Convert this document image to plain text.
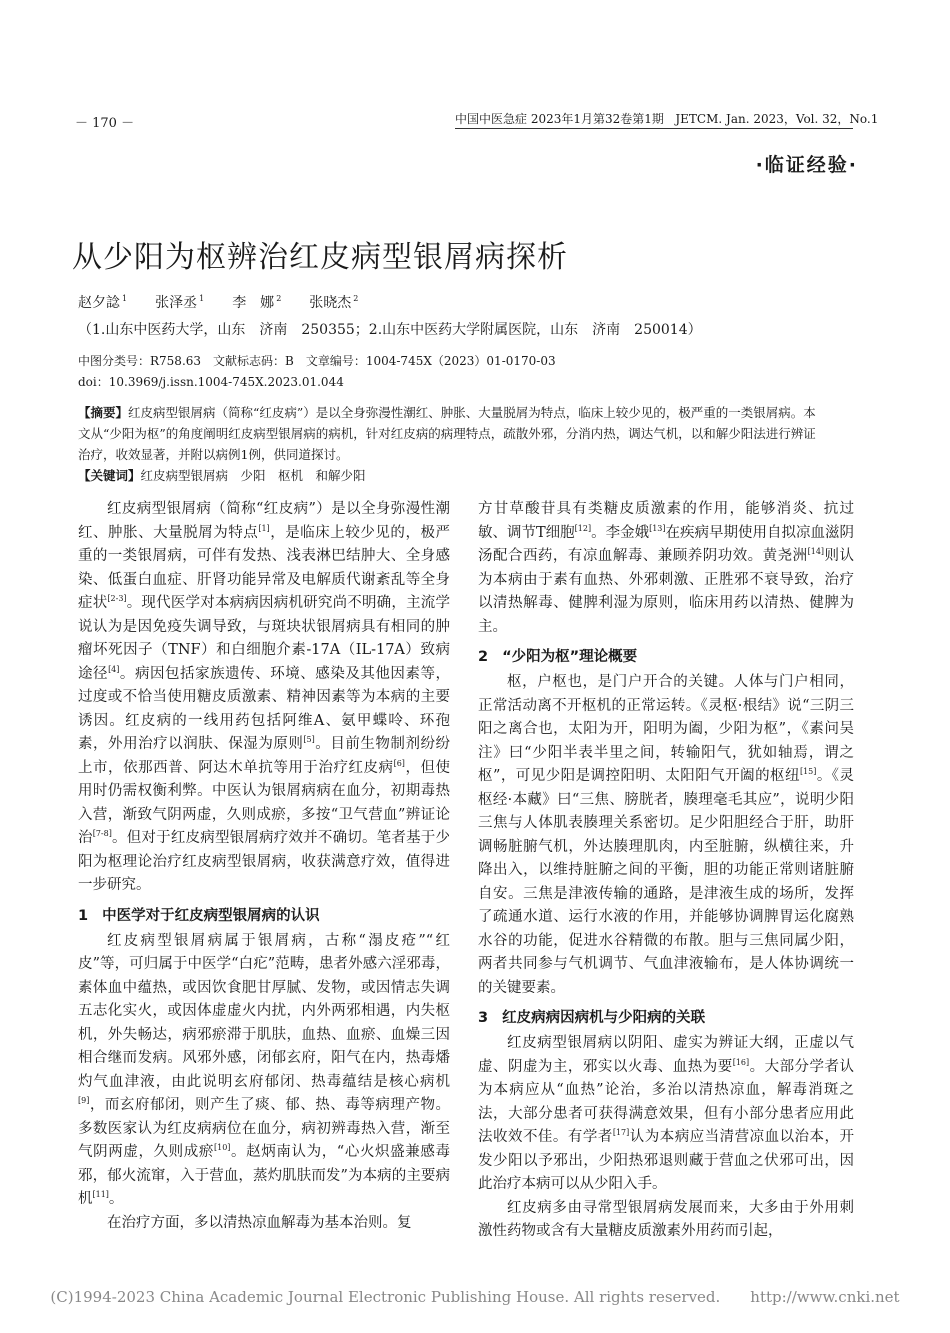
－ 170 －	中国中医急症 2023年1月第32卷第1期 JETCM. Jan. 2023，Vol. 32，No.1
·临证经验·
从少阳为枢辨治红皮病型银屑病探析
赵夕諗 $^1$ 张泽丞 $^1$ 李　娜 $^2$ 张晓杰 $^2$
（1.山东中医药大学，山东　济南　250355；2.山东中医药大学附属医院，山东　济南　250014）
中图分类号：R758.63　文献标志码：B　文章编号：1004-745X（2023）01-0170-03
doi：10.3969/j.issn.1004-745X.2023.01.044
【摘要】红皮病型银屑病（简称“红皮病”）是以全身弥漫性潮红、肿胀、大量脱屑为特点，临床上较少见的，极严重的一类银屑病。本文从“少阳为枢”的角度阐明红皮病型银屑病的病机，针对红皮病的病理特点，疏散外邪，分消内热，调达气机，以和解少阳法进行辨证治疗，收效显著，并附以病例1例，供同道探讨。
【关键词】红皮病型银屑病　少阳　枢机　和解少阳

红皮病型银屑病（简称“红皮病”）是以全身弥漫性潮红、肿胀、大量脱屑为特点[1]，是临床上较少见的，极严重的一类银屑病，可伴有发热、浅表淋巴结肿大、全身感染、低蛋白血症、肝肾功能异常及电解质代谢紊乱等全身症状[2-3]。现代医学对本病病因病机研究尚不明确，主流学说认为是因免疫失调导致，与斑块状银屑病具有相同的肿瘤坏死因子（TNF）和白细胞介素-17A（IL-17A）致病途径[4]。病因包括家族遗传、环境、感染及其他因素等，过度或不恰当使用糖皮质激素、精神因素等为本病的主要诱因。红皮病的一线用药包括阿维A、氨甲蝶呤、环孢素，外用治疗以润肤、保湿为原则[5]。目前生物制剂纷纷上市，依那西普、阿达木单抗等用于治疗红皮病[6]，但使用时仍需权衡利弊。中医认为银屑病病在血分，初期毒热入营，渐致气阴两虚，久则成瘀，多按“卫气营血”辨证论治[7-8]。但对于红皮病型银屑病疗效并不确切。笔者基于少阳为枢理论治疗红皮病型银屑病，收获满意疗效，值得进一步研究。

1 中医学对于红皮病型银屑病的认识

红皮病型银屑病属于银屑病，古称“溻皮疮”“红皮”等，可归属于中医学“白疕”范畴，患者外感六淫邪毒，素体血中蕴热，或因饮食肥甘厚腻、发物，或因情志失调五志化实火，或因体虚虚火内扰，内外两邪相遇，内失枢机，外失畅达，病邪瘀滞于肌肤，血热、血瘀、血燥三因相合继而发病。风邪外感，闭郁玄府，阳气在内，热毒燔灼气血津液，由此说明玄府郁闭、热毒蕴结是核心病机[9]，而玄府郁闭，则产生了痰、郁、热、毒等病理产物。多数医家认为红皮病病位在血分，病初辨毒热入营，渐至气阴两虚，久则成瘀[10]。赵炳南认为，“心火炽盛兼感毒邪，郁火流窜，入于营血，蒸灼肌肤而发”为本病的主要病机[11]。

在治疗方面，多以清热凉血解毒为基本治则。复

方甘草酸苷具有类糖皮质激素的作用，能够消炎、抗过敏、调节T细胞[12]。李金娥[13]在疾病早期使用自拟凉血滋阴汤配合西药，有凉血解毒、兼顾养阴功效。黄尧洲[14]则认为本病由于素有血热、外邪刺激、正胜邪不衰导致，治疗以清热解毒、健脾利湿为原则，临床用药以清热、健脾为主。

2 “少阳为枢”理论概要

枢，户枢也，是门户开合的关键。人体与门户相同，正常活动离不开枢机的正常运转。《灵枢·根结》说“三阴三阳之离合也，太阳为开，阳明为阖，少阳为枢”，《素问吴注》曰“少阳半表半里之间，转输阳气，犹如轴焉，谓之枢”，可见少阳是调控阳明、太阳阳气开阖的枢纽[15]。《灵枢经·本藏》曰“三焦、膀胱者，腠理毫毛其应”，说明少阳三焦与人体肌表腠理关系密切。足少阳胆经合于肝，助肝调畅脏腑气机，外达腠理肌肉，内至脏腑，纵横往来，升降出入，以维持脏腑之间的平衡，胆的功能正常则诸脏腑自安。三焦是津液传输的通路，是津液生成的场所，发挥了疏通水道、运行水液的作用，并能够协调脾胃运化腐熟水谷的功能，促进水谷精微的布散。胆与三焦同属少阳，两者共同参与气机调节、气血津液输布，是人体协调统一的关键要素。

3 红皮病病因病机与少阳病的关联

红皮病型银屑病以阴阳、虚实为辨证大纲，正虚以气虚、阴虚为主，邪实以火毒、血热为要[16]。大部分学者认为本病应从“血热”论治，多治以清热凉血，解毒消斑之法，大部分患者可获得满意效果，但有小部分患者应用此法收效不佳。有学者[17]认为本病应当清营凉血以治本，开发少阳以予邪出，少阳热邪退则藏于营血之伏邪可出，因此治疗本病可以从少阳入手。

红皮病多由寻常型银屑病发展而来，大多由于外用刺激性药物或含有大量糖皮质激素外用药而引起，

(C)1994-2023 China Academic Journal Electronic Publishing House. All rights reserved.　　http://www.cnki.net
